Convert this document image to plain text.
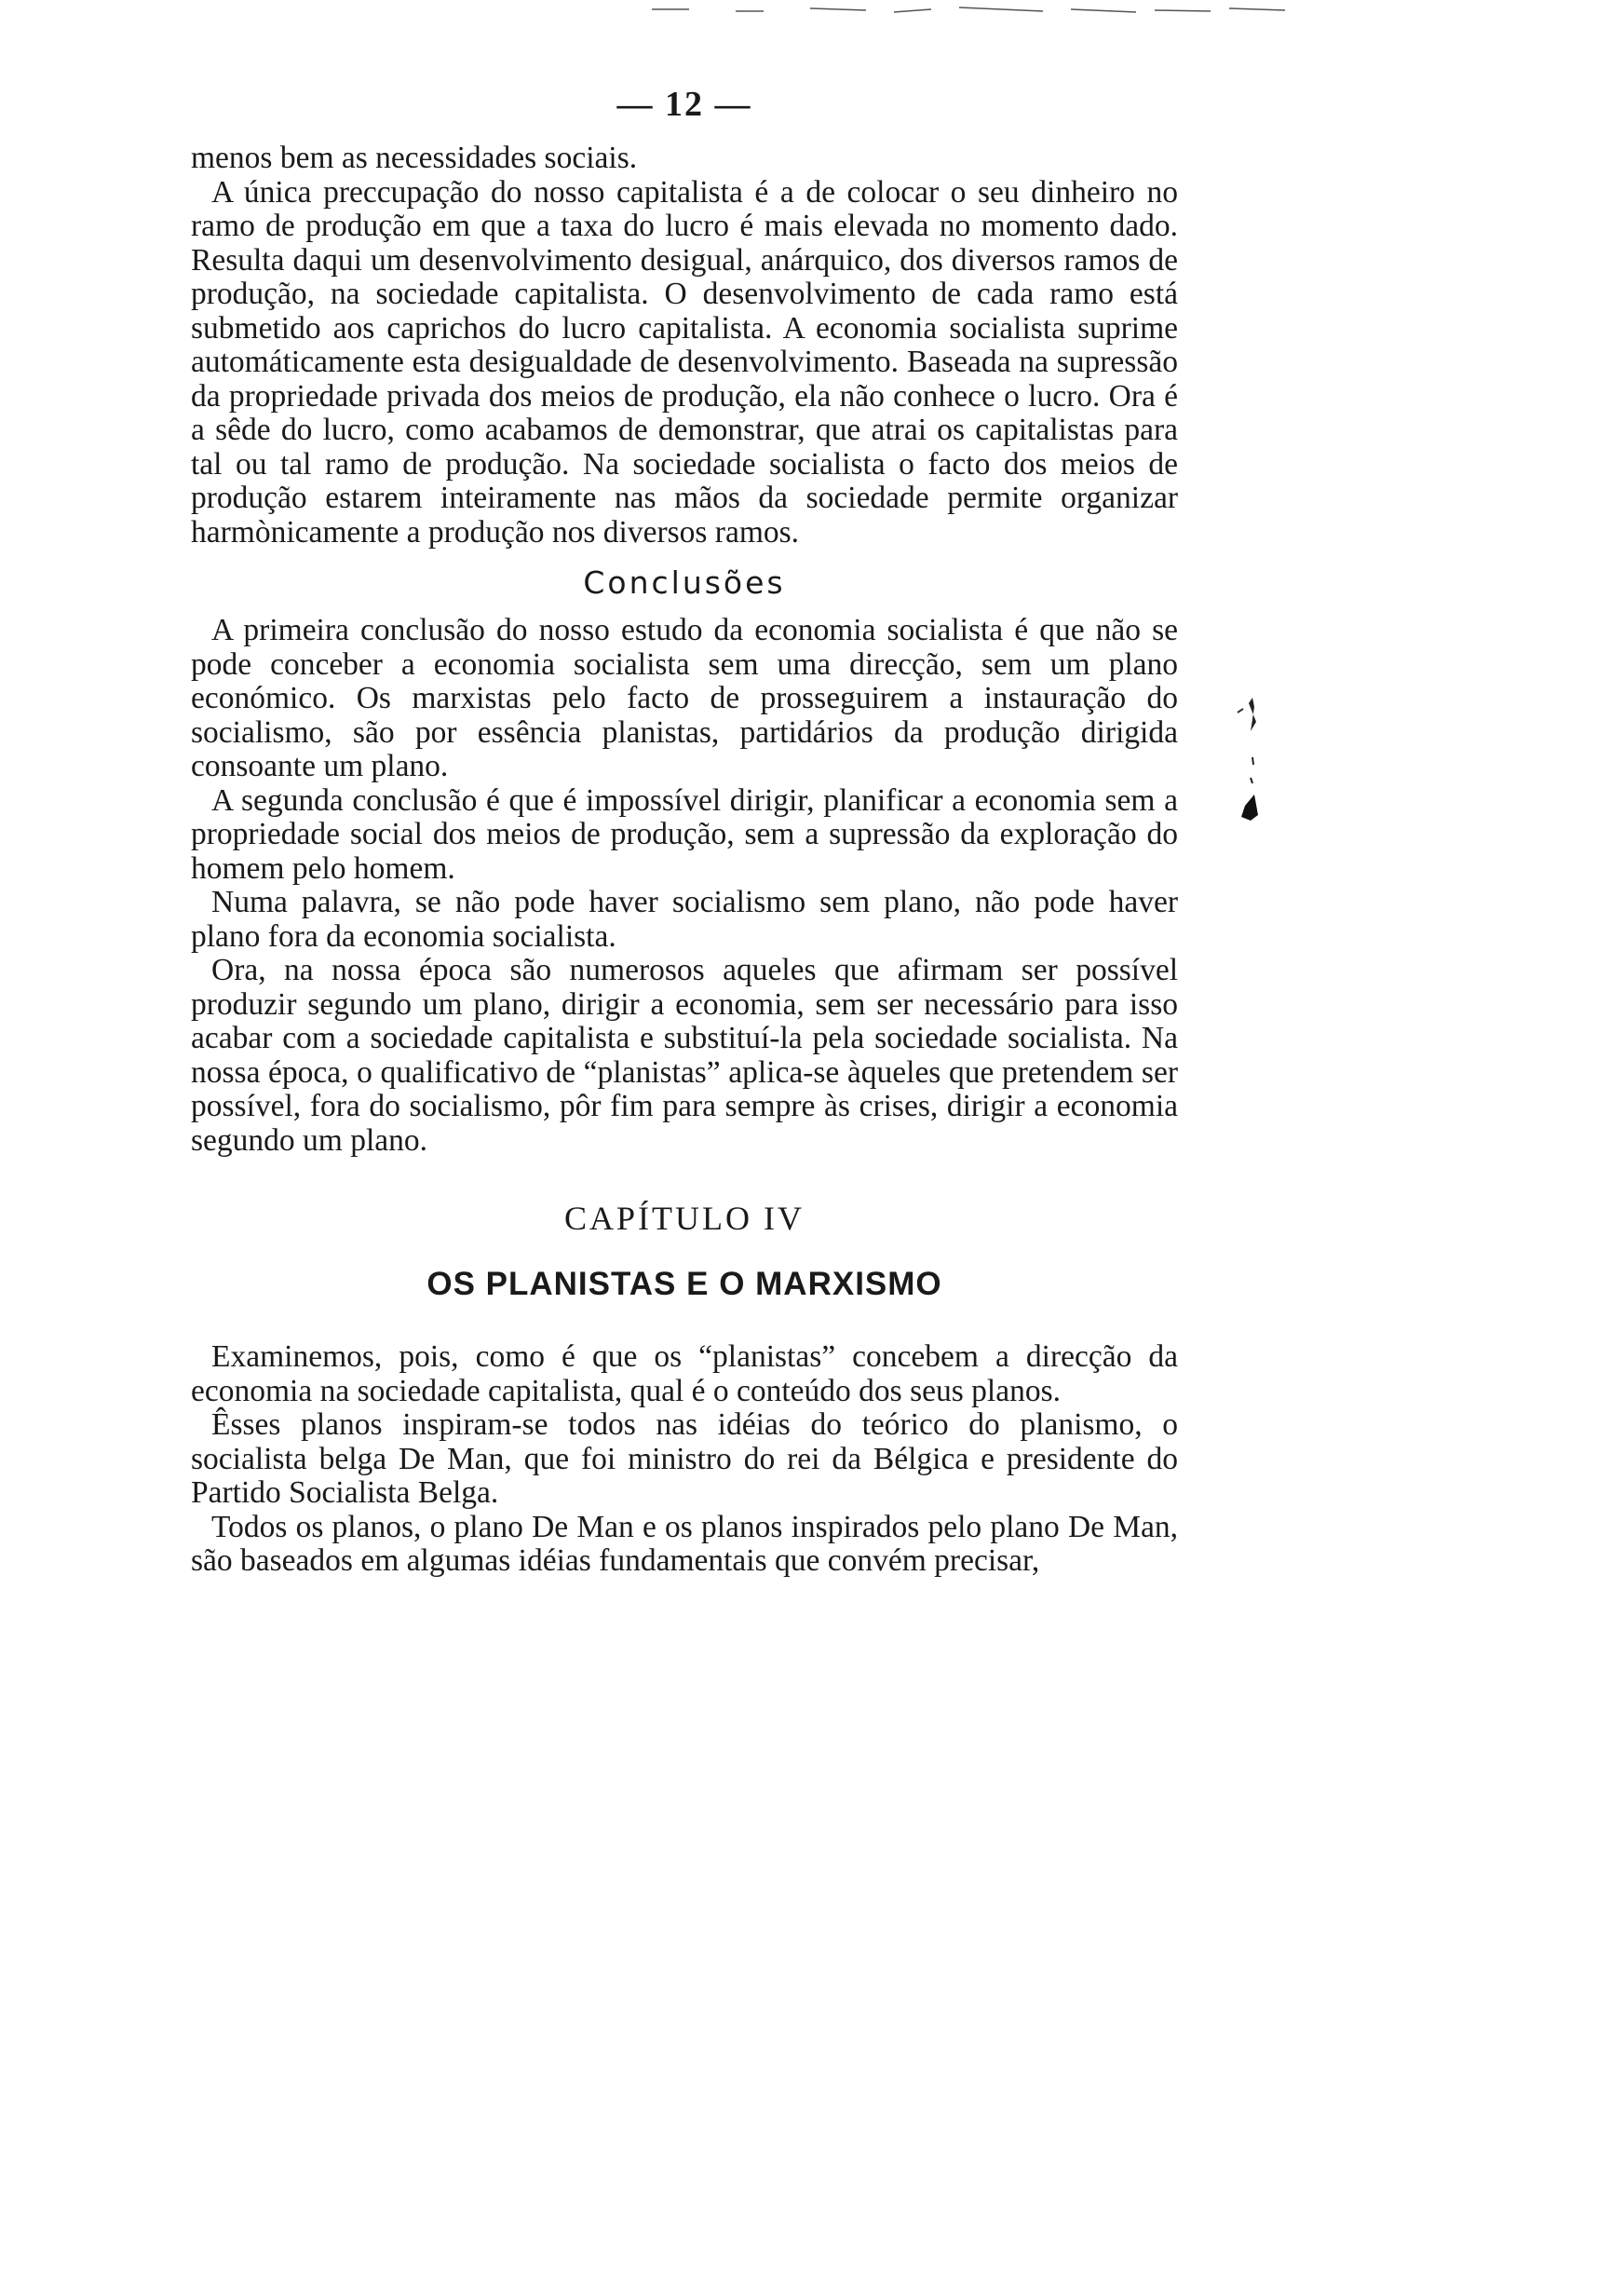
— 12 —

menos bem as necessidades sociais.

A única preccupação do nosso capitalista é a de colocar o seu dinheiro no ramo de produção em que a taxa do lucro é mais elevada no momento dado. Resulta daqui um desenvolvimento desigual, anárquico, dos diversos ramos de produção, na sociedade capitalista. O desenvolvimento de cada ramo está submetido aos caprichos do lucro capitalista. A economia socialista suprime automáticamente esta desigualdade de desenvolvimento. Baseada na supressão da propriedade privada dos meios de produção, ela não conhece o lucro. Ora é a sêde do lucro, como acabamos de demonstrar, que atrai os capitalistas para tal ou tal ramo de produção. Na sociedade socialista o facto dos meios de produção estarem inteiramente nas mãos da sociedade permite organizar harmònicamente a produção nos diversos ramos.

Conclusões

A primeira conclusão do nosso estudo da economia socialista é que não se pode conceber a economia socialista sem uma direcção, sem um plano económico. Os marxistas pelo facto de prosseguirem a instauração do socialismo, são por essência planistas, partidários da produção dirigida consoante um plano.

A segunda conclusão é que é impossível dirigir, planificar a economia sem a propriedade social dos meios de produção, sem a supressão da exploração do homem pelo homem.

Numa palavra, se não pode haver socialismo sem plano, não pode haver plano fora da economia socialista.

Ora, na nossa época são numerosos aqueles que afirmam ser possível produzir segundo um plano, dirigir a economia, sem ser necessário para isso acabar com a sociedade capitalista e substituí-la pela sociedade socialista. Na nossa época, o qualificativo de “planistas” aplica-se àqueles que pretendem ser possível, fora do socialismo, pôr fim para sempre às crises, dirigir a economia segundo um plano.

CAPÍTULO IV
OS PLANISTAS E O MARXISMO

Examinemos, pois, como é que os “planistas” concebem a direcção da economia na sociedade capitalista, qual é o conteúdo dos seus planos.

Êsses planos inspiram-se todos nas idéias do teórico do planismo, o socialista belga De Man, que foi ministro do rei da Bélgica e presidente do Partido Socialista Belga.

Todos os planos, o plano De Man e os planos inspirados pelo plano De Man, são baseados em algumas idéias fundamentais que convém precisar,
